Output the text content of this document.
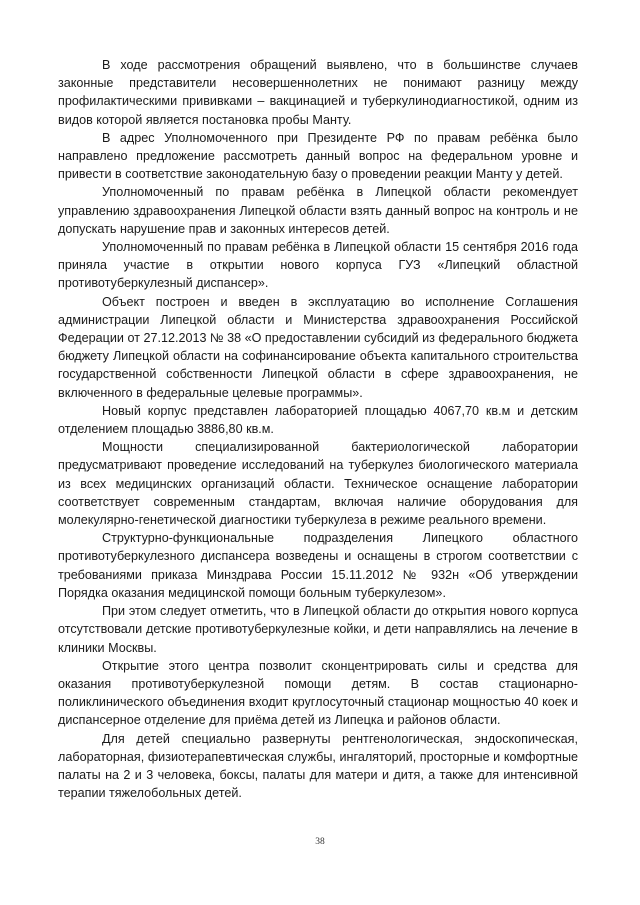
В ходе рассмотрения обращений выявлено, что в большинстве случаев законные представители несовершеннолетних не понимают разницу между профилактическими прививками – вакцинацией и туберкулинодиагностикой, одним из видов которой является постановка пробы Манту.

В адрес Уполномоченного при Президенте РФ по правам ребёнка было направлено предложение рассмотреть данный вопрос на федеральном уровне и привести в соответствие законодательную базу о проведении реакции Манту у детей.

Уполномоченный по правам ребёнка в Липецкой области рекомендует управлению здравоохранения Липецкой области взять данный вопрос на контроль и не допускать нарушение прав и законных интересов детей.

Уполномоченный по правам ребёнка в Липецкой области 15 сентября 2016 года приняла участие в открытии нового корпуса ГУЗ «Липецкий областной противотуберкулезный диспансер».

Объект построен и введен в эксплуатацию во исполнение Соглашения администрации Липецкой области и Министерства здравоохранения Российской Федерации от 27.12.2013 № 38 «О предоставлении субсидий из федерального бюджета бюджету Липецкой области на софинансирование объекта капитального строительства государственной собственности Липецкой области в сфере здравоохранения, не включенного в федеральные целевые программы».

Новый корпус представлен лабораторией площадью 4067,70 кв.м и детским отделением площадью 3886,80 кв.м.

Мощности специализированной бактериологической лаборатории предусматривают проведение исследований на туберкулез биологического материала из всех медицинских организаций области. Техническое оснащение лаборатории соответствует современным стандартам, включая наличие оборудования для молекулярно-генетической диагностики туберкулеза в режиме реального времени.

Структурно-функциональные подразделения Липецкого областного противотуберкулезного диспансера возведены и оснащены в строгом соответствии с требованиями приказа Минздрава России 15.11.2012 № 932н «Об утверждении Порядка оказания медицинской помощи больным туберкулезом».

При этом следует отметить, что в Липецкой области до открытия нового корпуса отсутствовали детские противотуберкулезные койки, и дети направлялись на лечение в клиники Москвы.

Открытие этого центра позволит сконцентрировать силы и средства для оказания противотуберкулезной помощи детям. В состав стационарно-поликлинического объединения входит круглосуточный стационар мощностью 40 коек и диспансерное отделение для приёма детей из Липецка и районов области.

Для детей специально развернуты рентгенологическая, эндоскопическая, лабораторная, физиотерапевтическая службы, ингаляторий, просторные и комфортные палаты на 2 и 3 человека, боксы, палаты для матери и дитя, а также для интенсивной терапии тяжелобольных детей.

38
